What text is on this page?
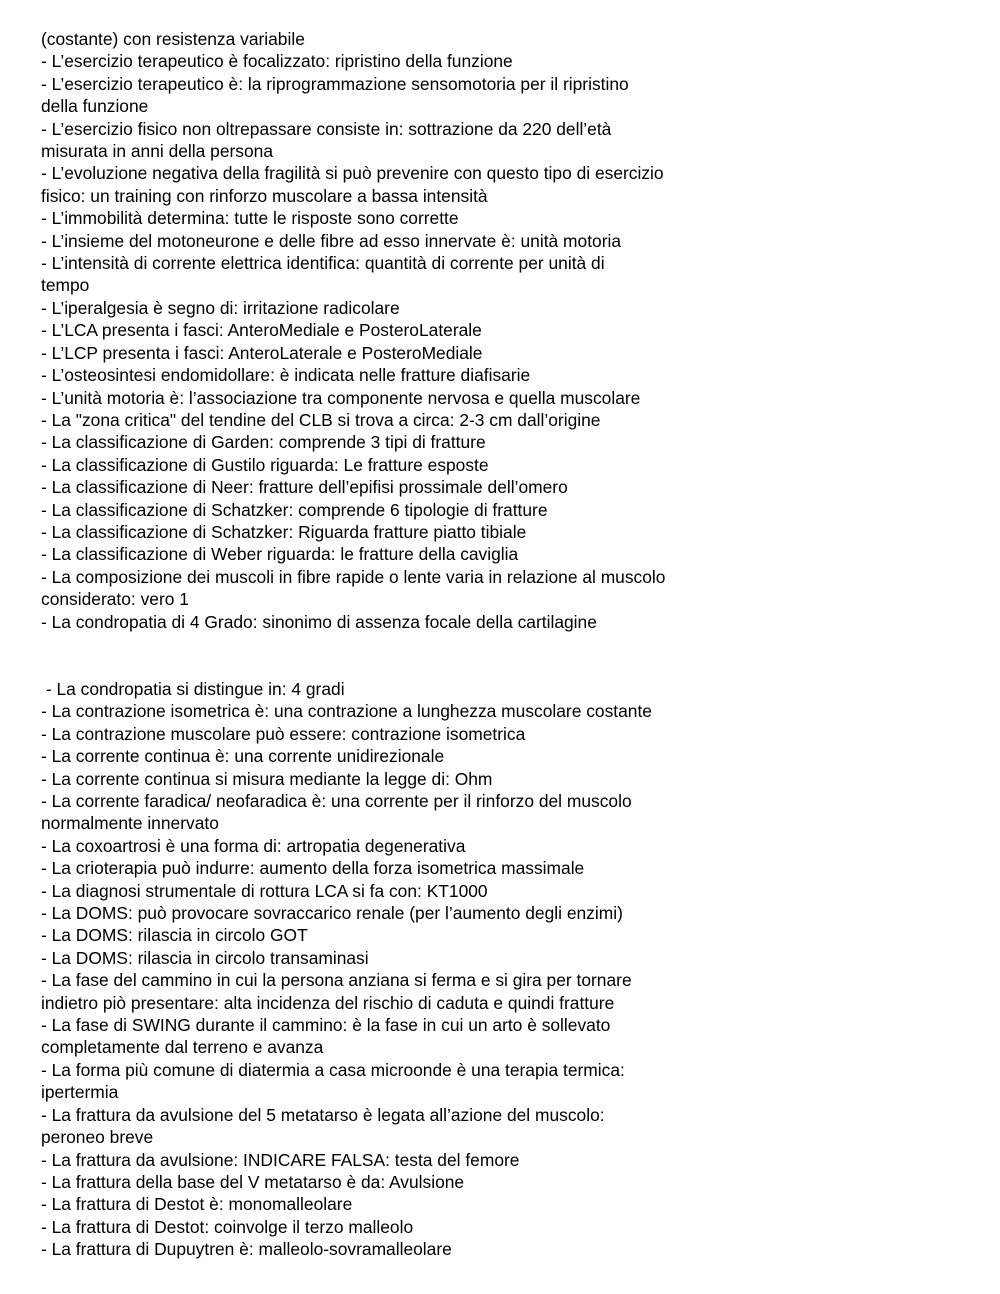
(costante) con resistenza variabile

- L’esercizio terapeutico è focalizzato: ripristino della funzione

- L’esercizio terapeutico è: la riprogrammazione sensomotoria per il ripristino

della funzione

- L’esercizio fisico non oltrepassare consiste in: sottrazione da 220 dell’età

misurata in anni della persona

- L’evoluzione negativa della fragilità si può prevenire con questo tipo di esercizio

fisico: un training con rinforzo muscolare a bassa intensità

- L’immobilità determina: tutte le risposte sono corrette

- L’insieme del motoneurone e delle fibre ad esso innervate è: unità motoria

- L’intensità di corrente elettrica identifica: quantità di corrente per unità di

tempo

- L’iperalgesia è segno di: irritazione radicolare

- L’LCA presenta i fasci: AnteroMediale e PosteroLaterale

- L’LCP presenta i fasci: AnteroLaterale e PosteroMediale

- L’osteosintesi endomidollare: è indicata nelle fratture diafisarie

- L’unità motoria è: l’associazione tra componente nervosa e quella muscolare

- La "zona critica" del tendine del CLB si trova a circa: 2-3 cm dall’origine

- La classificazione di Garden: comprende 3 tipi di fratture

- La classificazione di Gustilo riguarda: Le fratture esposte

- La classificazione di Neer: fratture dell’epifisi prossimale dell’omero

- La classificazione di Schatzker: comprende 6 tipologie di fratture

- La classificazione di Schatzker: Riguarda fratture piatto tibiale

- La classificazione di Weber riguarda: le fratture della caviglia

- La composizione dei muscoli in fibre rapide o lente varia in relazione al muscolo

considerato: vero 1

- La condropatia di 4 Grado: sinonimo di assenza focale della cartilagine

- La condropatia si distingue in: 4 gradi

- La contrazione isometrica è: una contrazione a lunghezza muscolare costante

- La contrazione muscolare può essere: contrazione isometrica

- La corrente continua è: una corrente unidirezionale

- La corrente continua si misura mediante la legge di: Ohm

- La corrente faradica/ neofaradica è: una corrente per il rinforzo del muscolo

normalmente innervato

- La coxoartrosi è una forma di: artropatia degenerativa

- La crioterapia può indurre: aumento della forza isometrica massimale

- La diagnosi strumentale di rottura LCA si fa con: KT1000

- La DOMS: può provocare sovraccarico renale (per l’aumento degli enzimi)

- La DOMS: rilascia in circolo GOT

- La DOMS: rilascia in circolo transaminasi

- La fase del cammino in cui la persona anziana si ferma e si gira per tornare

indietro piò presentare: alta incidenza del rischio di caduta e quindi fratture

- La fase di SWING durante il cammino: è la fase in cui un arto è sollevato

completamente dal terreno e avanza

- La forma più comune di diatermia a casa microonde è una terapia termica:

ipertermia

- La frattura da avulsione del 5 metatarso è legata all’azione del muscolo:

peroneo breve

- La frattura da avulsione: INDICARE FALSA: testa del femore

- La frattura della base del V metatarso è da: Avulsione

- La frattura di Destot è: monomalleolare

- La frattura di Destot: coinvolge il terzo malleolo

- La frattura di Dupuytren è: malleolo-sovramalleolare
